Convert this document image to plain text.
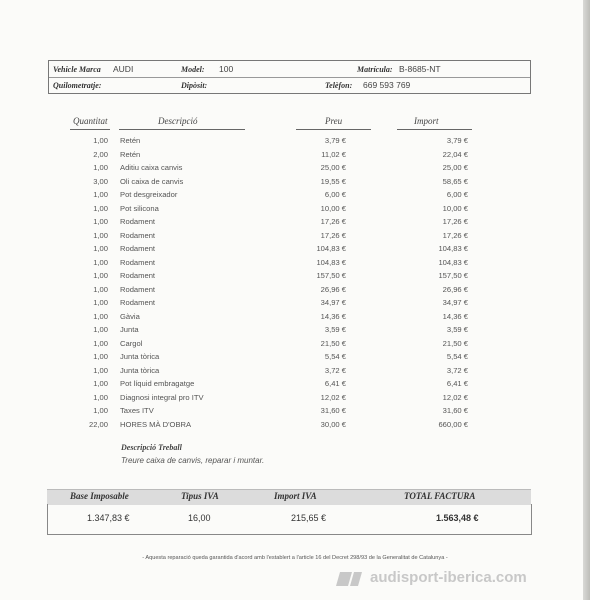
Vehicle Marca AUDI	Model: 100	Matrícula: B-8685-NT
Quilometratje:	Dipòsit:	Telèfon: 669 593 769
Quantitat	Descripció	Preu	Import
1,00 Retén	3,79 €	3,79 €
2,00 Retén	11,02 €	22,04 €
1,00 Aditiu caixa canvis	25,00 €	25,00 €
3,00 Oli caixa de canvis	19,55 €	58,65 €
1,00 Pot desgreixador	6,00 €	6,00 €
1,00 Pot silicona	10,00 €	10,00 €
1,00 Rodament	17,26 €	17,26 €
1,00 Rodament	17,26 €	17,26 €
1,00 Rodament	104,83 €	104,83 €
1,00 Rodament	104,83 €	104,83 €
1,00 Rodament	157,50 €	157,50 €
1,00 Rodament	26,96 €	26,96 €
1,00 Rodament	34,97 €	34,97 €
1,00 Gàvia	14,36 €	14,36 €
1,00 Junta	3,59 €	3,59 €
1,00 Cargol	21,50 €	21,50 €
1,00 Junta tòrica	5,54 €	5,54 €
1,00 Junta tòrica	3,72 €	3,72 €
1,00 Pot líquid embragatge	6,41 €	6,41 €
1,00 Diagnosi integral pro ITV	12,02 €	12,02 €
1,00 Taxes ITV	31,60 €	31,60 €
22,00 HORES MÀ D'OBRA	30,00 €	660,00 €
Descripció Treball
Treure caixa de canvis, reparar i muntar.
Base Imposable	Tipus IVA	Import IVA	TOTAL FACTURA
1.347,83 €	16,00	215,65 €	1.563,48 €
- Aquesta reparació queda garantida d'acord amb l'establert a l'article 16 del Decret 298/93 de la Generalitat de Catalunya -
audisport-iberica.com
